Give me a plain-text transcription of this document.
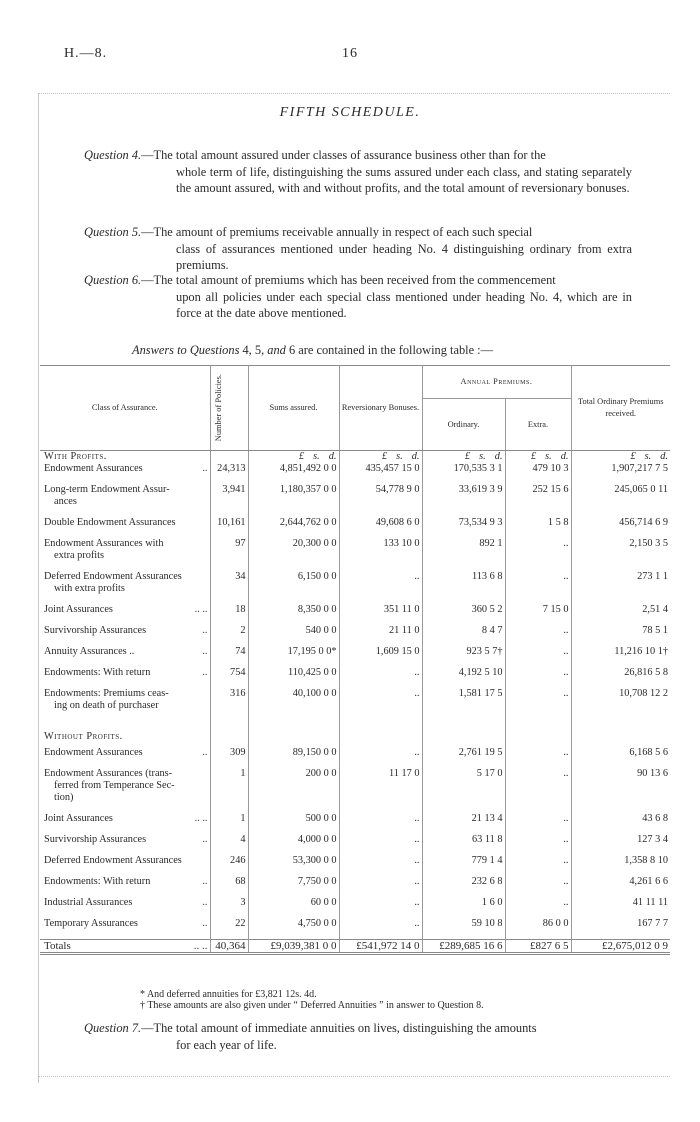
H.—8.	16
FIFTH SCHEDULE.
Question 4.—The total amount assured under classes of assurance business other than for the
whole term of life, distinguishing the sums assured under each class, and stating separately the amount assured, with and without profits, and the total amount of reversionary bonuses.
Question 5.—The amount of premiums receivable annually in respect of each such special
class of assurances mentioned under heading No. 4 distinguishing ordinary from extra premiums.
Question 6.—The total amount of premiums which has been received from the commencement
upon all policies under each special class mentioned under heading No. 4, which are in force at the date above mentioned.
Answers to Questions 4, 5, and 6 are contained in the following table :—
Class of Assurance.	Number of Policies.	Sums assured.	Reversionary Bonuses.	Annual Premiums.		Total Ordinary Premiums received.
				Ordinary.	Extra.	
With Profits.		£ s. d.	£ s. d.	£ s. d.	£ s. d.	£ s. d.
Endowment Assurances ..	24,313	4,851,492 0 0	435,457 15 0	170,535 3 1	479 10 3	1,907,217 7 5
Long-term Endowment Assur-
ances	3,941	1,180,357 0 0	54,778 9 0	33,619 3 9	252 15 6	245,065 0 11
Double Endowment Assurances	10,161	2,644,762 0 0	49,608 6 0	73,534 9 3	1 5 8	456,714 6 9
Endowment Assurances with
extra profits	97	20,300 0 0	133 10 0	892 1	..	2,150 3 5
Deferred Endowment Assurances
with extra profits	34	6,150 0 0	..	113 6 8	..	273 1 1
Joint Assurances .. ..	18	8,350 0 0	351 11 0	360 5 2	7 15 0	2,51 4
Survivorship Assurances ..	2	540 0 0	21 11 0	8 4 7	..	78 5 1
Annuity Assurances .. ..	74	17,195 0 0*	1,609 15 0	923 5 7†	..	11,216 10 1†
Endowments: With return ..	754	110,425 0 0	..	4,192 5 10	..	26,816 5 8
Endowments: Premiums ceas-
ing on death of purchaser	316	40,100 0 0	..	1,581 17 5	..	10,708 12 2
Without Profits.						
Endowment Assurances ..	309	89,150 0 0	..	2,761 19 5	..	6,168 5 6
Endowment Assurances (trans-
ferred from Temperance Sec-
tion)	1	200 0 0	11 17 0	5 17 0	..	90 13 6
Joint Assurances .. ..	1	500 0 0	..	21 13 4	..	43 6 8
Survivorship Assurances ..	4	4,000 0 0	..	63 11 8	..	127 3 4
Deferred Endowment Assurances	246	53,300 0 0	..	779 1 4	..	1,358 8 10
Endowments: With return ..	68	7,750 0 0	..	232 6 8	..	4,261 6 6
Industrial Assurances ..	3	60 0 0	..	1 6 0	..	41 11 11
Temporary Assurances ..	22	4,750 0 0	..	59 10 8	86 0 0	167 7 7
Totals .. ..	40,364	£9,039,381 0 0	£541,972 14 0	£289,685 16 6	£827 6 5	£2,675,012 0 9
* And deferred annuities for £3,821 12s. 4d.
† These amounts are also given under “ Deferred Annuities ” in answer to Question 8.
Question 7.—The total amount of immediate annuities on lives, distinguishing the amounts
for each year of life.
